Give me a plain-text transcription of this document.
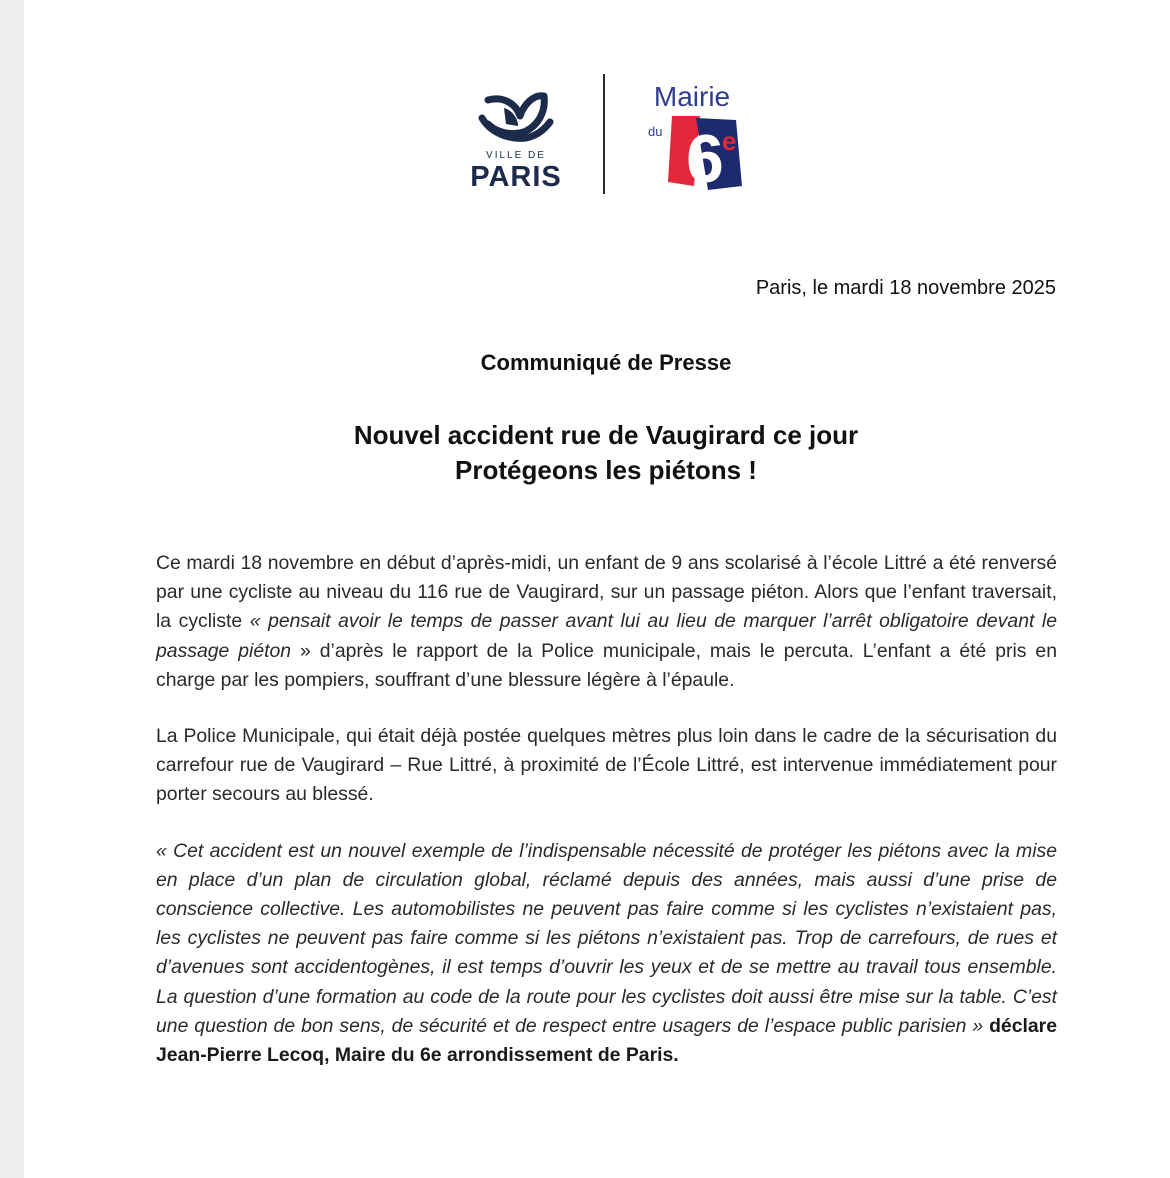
VILLE DE
PARIS
Mairie
du 6
e
Paris, le mardi 18 novembre 2025
Communiqué de Presse
Nouvel accident rue de Vaugirard ce jour
Protégeons les piétons !

Ce mardi 18 novembre en début d’après-midi, un enfant de 9 ans scolarisé à l’école Littré a été renversé par une cycliste au niveau du 116 rue de Vaugirard, sur un passage piéton. Alors que l’enfant traversait, la cycliste « pensait avoir le temps de passer avant lui au lieu de marquer l’arrêt obligatoire devant le passage piéton » d’après le rapport de la Police municipale, mais le percuta. L’enfant a été pris en charge par les pompiers, souffrant d’une blessure légère à l’épaule.

La Police Municipale, qui était déjà postée quelques mètres plus loin dans le cadre de la sécurisation du carrefour rue de Vaugirard – Rue Littré, à proximité de l’École Littré, est intervenue immédiatement pour porter secours au blessé.

« Cet accident est un nouvel exemple de l’indispensable nécessité de protéger les piétons avec la mise en place d’un plan de circulation global, réclamé depuis des années, mais aussi d’une prise de conscience collective. Les automobilistes ne peuvent pas faire comme si les cyclistes n’existaient pas, les cyclistes ne peuvent pas faire comme si les piétons n’existaient pas. Trop de carrefours, de rues et d’avenues sont accidentogènes, il est temps d’ouvrir les yeux et de se mettre au travail tous ensemble. La question d’une formation au code de la route pour les cyclistes doit aussi être mise sur la table. C’est une question de bon sens, de sécurité et de respect entre usagers de l’espace public parisien » déclare Jean-Pierre Lecoq, Maire du 6e arrondissement de Paris.
